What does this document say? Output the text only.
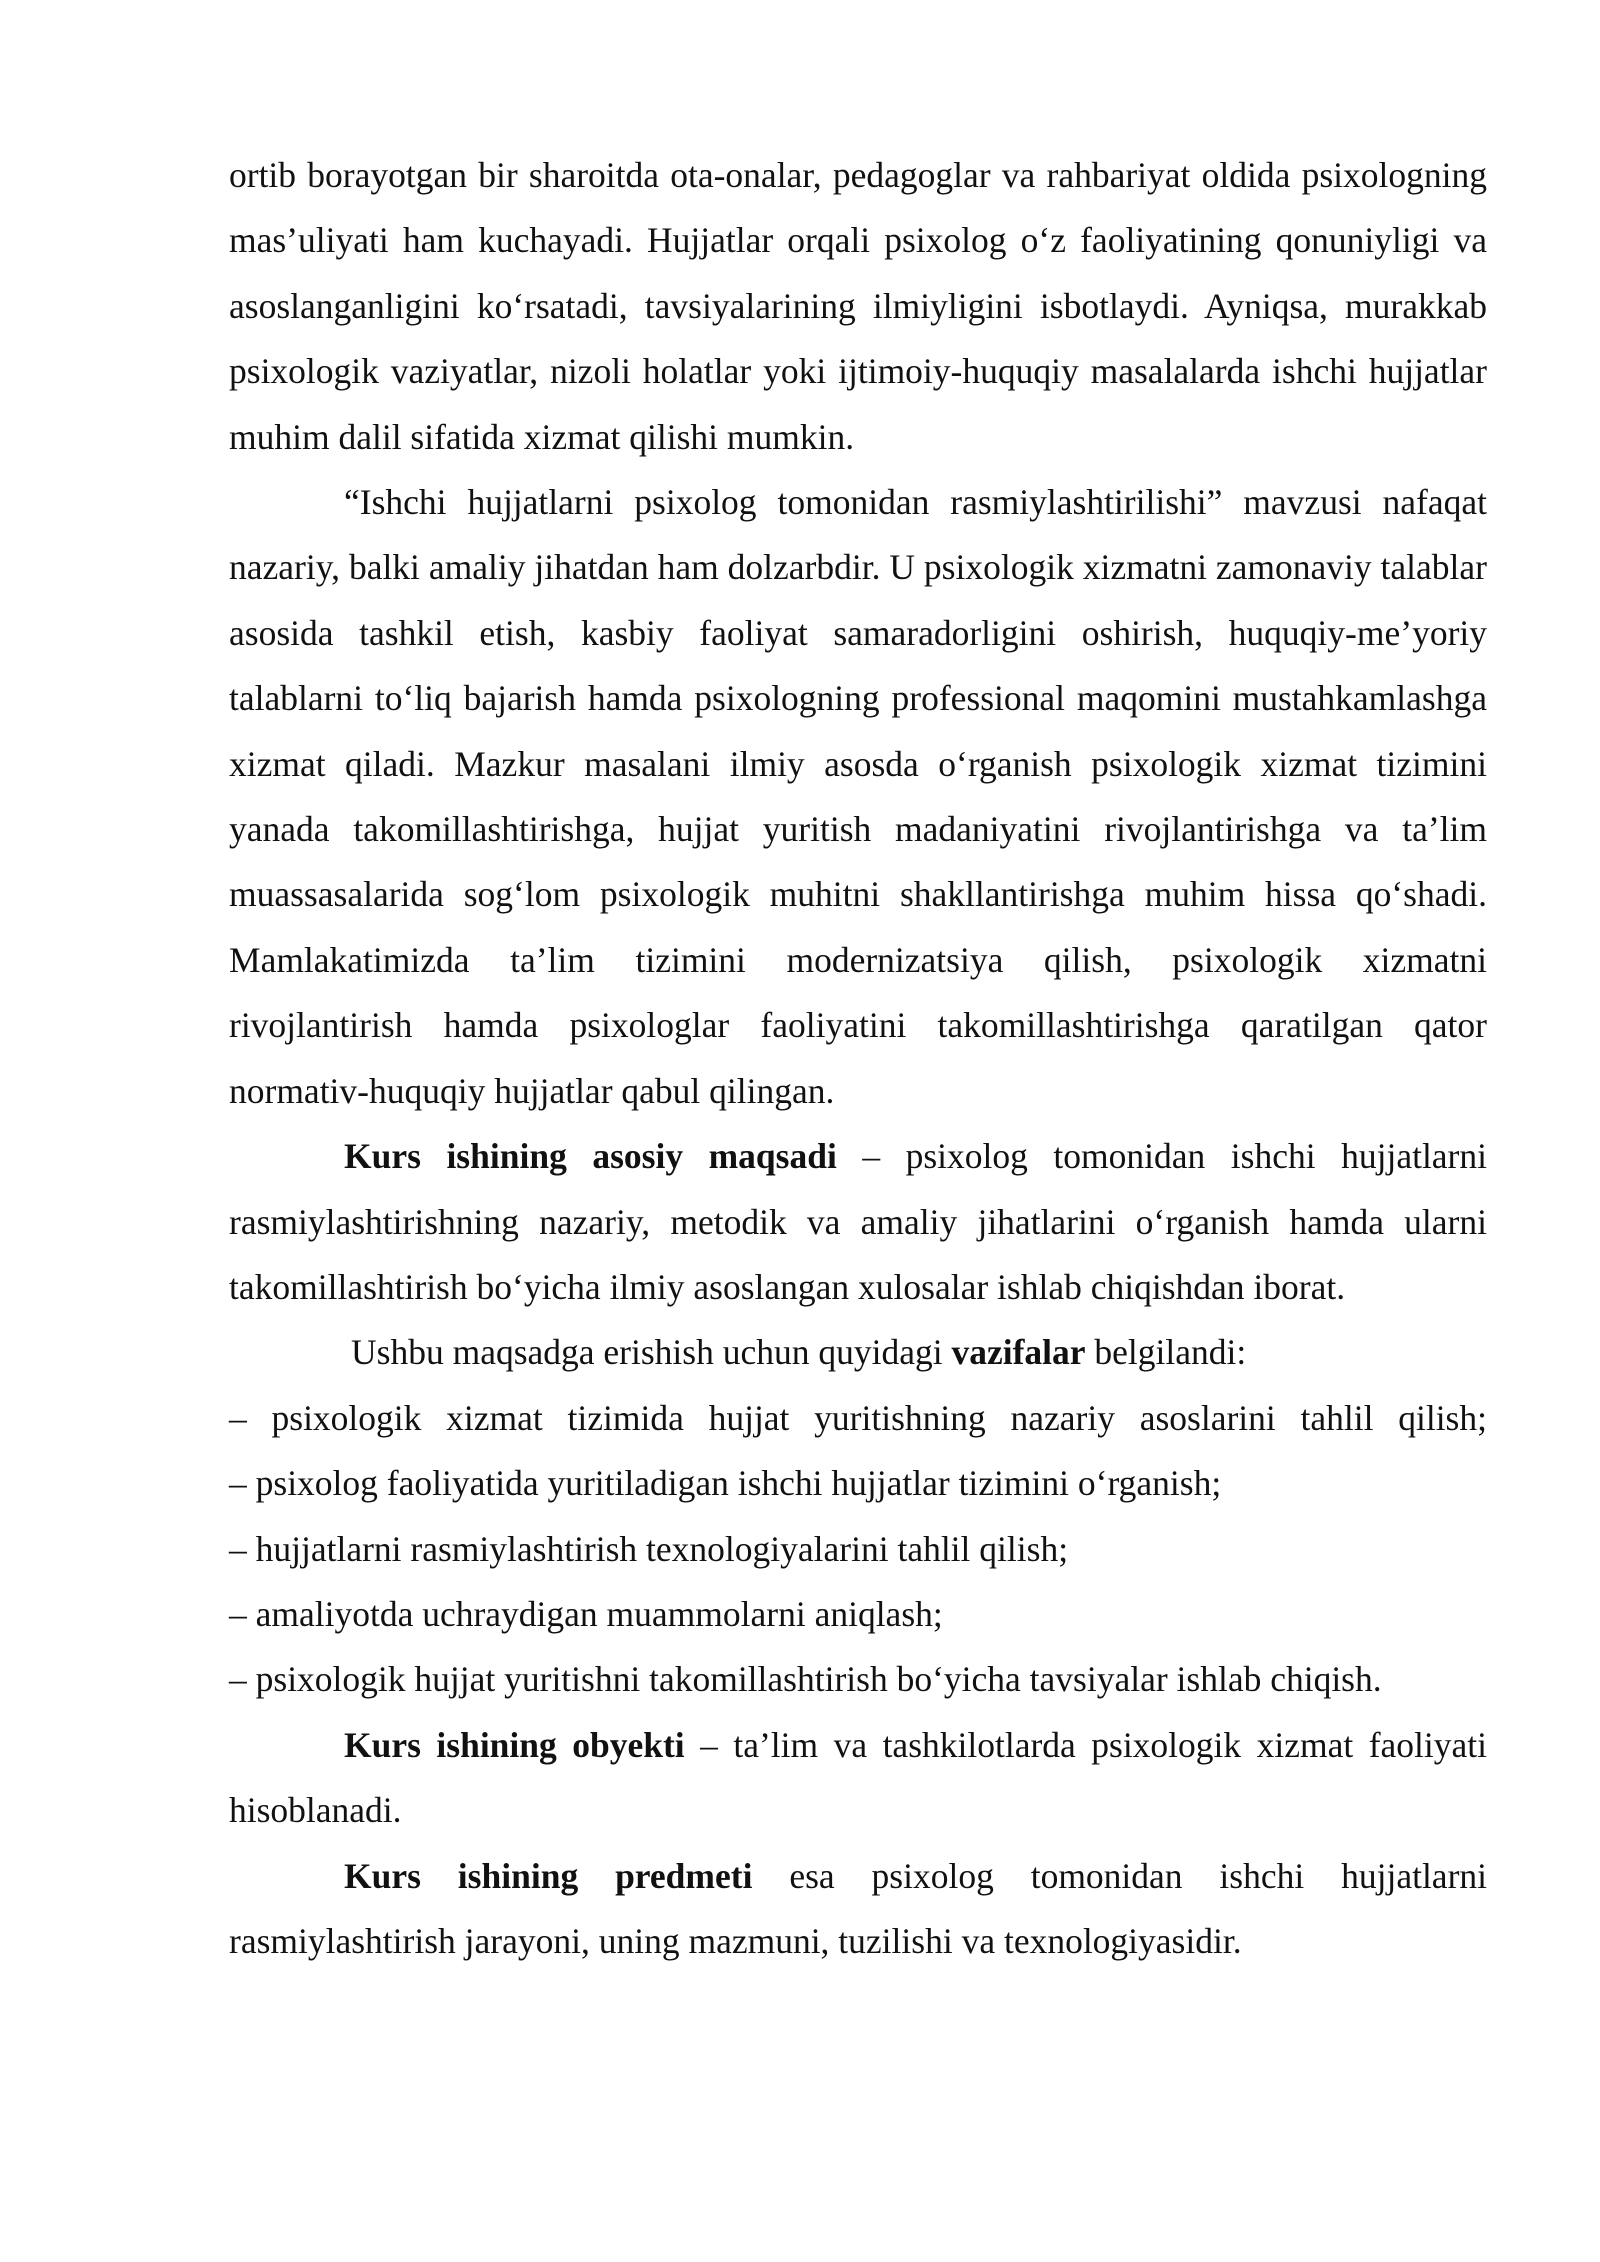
ortib borayotgan bir sharoitda ota-onalar, pedagoglar va rahbariyat oldida psixologning mas’uliyati ham kuchayadi. Hujjatlar orqali psixolog o‘z faoliyatining qonuniyligi va asoslanganligini ko‘rsatadi, tavsiyalarining ilmiyligini isbotlaydi. Ayniqsa, murakkab psixologik vaziyatlar, nizoli holatlar yoki ijtimoiy-huquqiy masalalarda ishchi hujjatlar muhim dalil sifatida xizmat qilishi mumkin.

“Ishchi hujjatlarni psixolog tomonidan rasmiylashtirilishi” mavzusi nafaqat nazariy, balki amaliy jihatdan ham dolzarbdir. U psixologik xizmatni zamonaviy talablar asosida tashkil etish, kasbiy faoliyat samaradorligini oshirish, huquqiy-me’yoriy talablarni to‘liq bajarish hamda psixologning professional maqomini mustahkamlashga xizmat qiladi. Mazkur masalani ilmiy asosda o‘rganish psixologik xizmat tizimini yanada takomillashtirishga, hujjat yuritish madaniyatini rivojlantirishga va ta’lim muassasalarida sog‘lom psixologik muhitni shakllantirishga muhim hissa qo‘shadi. Mamlakatimizda ta’lim tizimini modernizatsiya qilish, psixologik xizmatni rivojlantirish hamda psixologlar faoliyatini takomillashtirishga qaratilgan qator normativ-huquqiy hujjatlar qabul qilingan.

Kurs ishining asosiy maqsadi – psixolog tomonidan ishchi hujjatlarni rasmiylashtirishning nazariy, metodik va amaliy jihatlarini o‘rganish hamda ularni takomillashtirish bo‘yicha ilmiy asoslangan xulosalar ishlab chiqishdan iborat.

Ushbu maqsadga erishish uchun quyidagi vazifalar belgilandi:

– psixologik xizmat tizimida hujjat yuritishning nazariy asoslarini tahlil qilish;
– psixolog faoliyatida yuritiladigan ishchi hujjatlar tizimini o‘rganish;
– hujjatlarni rasmiylashtirish texnologiyalarini tahlil qilish;
– amaliyotda uchraydigan muammolarni aniqlash;
– psixologik hujjat yuritishni takomillashtirish bo‘yicha tavsiyalar ishlab chiqish.

Kurs ishining obyekti – ta’lim va tashkilotlarda psixologik xizmat faoliyati hisoblanadi.

Kurs ishining predmeti esa psixolog tomonidan ishchi hujjatlarni rasmiylashtirish jarayoni, uning mazmuni, tuzilishi va texnologiyasidir.
